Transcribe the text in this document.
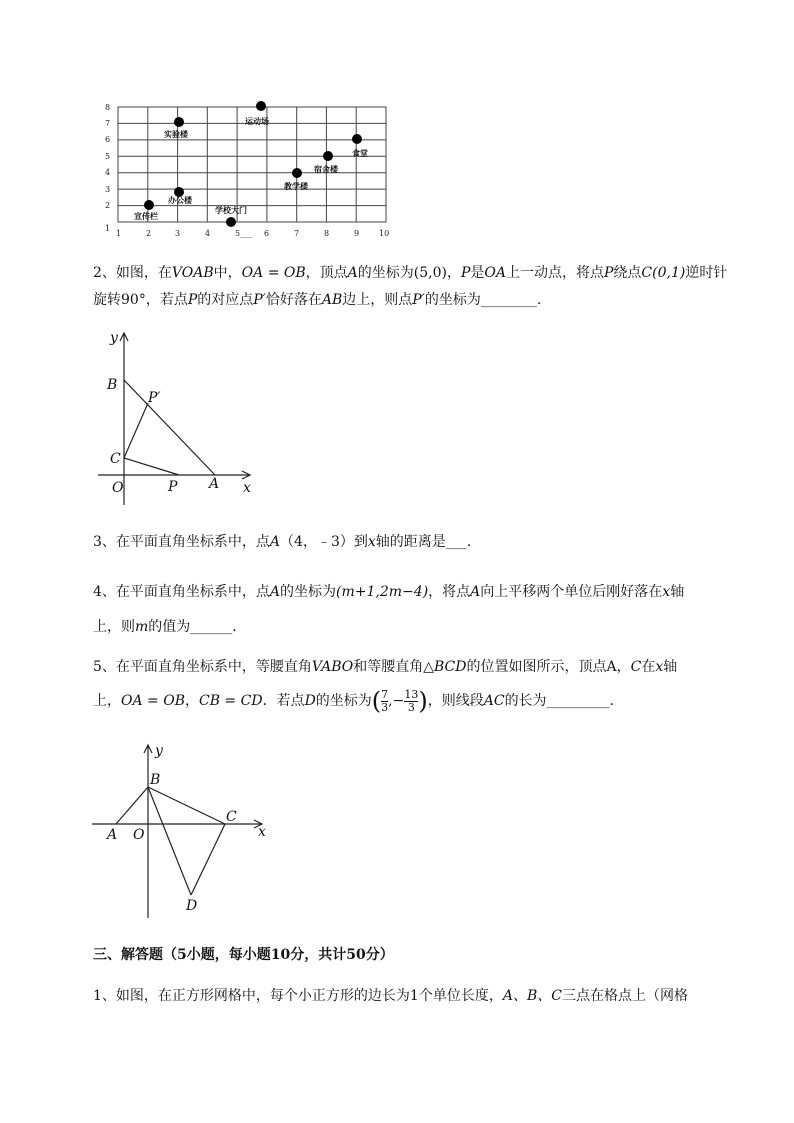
1	2	3	4	5___ 6	7	8	9 10
1
2
3
4
5
6
7
8
宣传栏
办公楼
实验楼
学校大门
运动场
教学楼
宿舍楼
食堂
2、如图，在VOAB中，OA = OB，顶点A的坐标为(5,0)，P是OA上一动点，将点P绕点C(0,1)逆时针
旋转90°，若点P的对应点P′恰好落在AB边上，则点P′的坐标为________.
y
x
B
P′
C
O	P A
3、在平面直角坐标系中，点A（4，﹣3）到x轴的距离是___.
4、在平面直角坐标系中，点A的坐标为(m+1,2m−4)，将点A向上平移两个单位后刚好落在x轴
上，则m的值为______.
5、在平面直角坐标系中，等腰直角VABO和等腰直角△BCD的位置如图所示，顶点A，C在x轴
上，OA = OB，CB = CD．若点D的坐标为( $\frac{7}{3}$ ,− $\frac{13}{3}$ )，则线段AC的长为_________.
y
x
B
A O
C
D
三、解答题（5小题，每小题10分，共计50分）
1、如图，在正方形网格中，每个小正方形的边长为1个单位长度，A、B、C三点在格点上（网格
